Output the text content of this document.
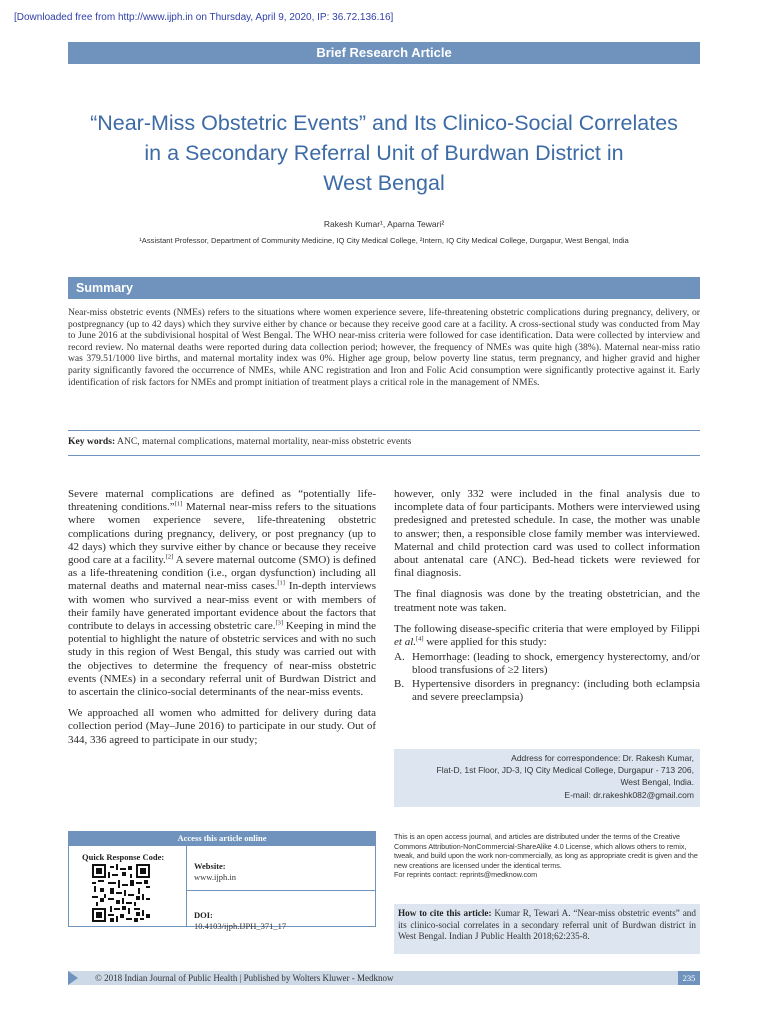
[Downloaded free from http://www.ijph.in on Thursday, April 9, 2020, IP: 36.72.136.16]
Brief Research Article
“Near-Miss Obstetric Events” and Its Clinico-Social Correlates
in a Secondary Referral Unit of Burdwan District in
West Bengal
Rakesh Kumar¹, Aparna Tewari²
¹Assistant Professor, Department of Community Medicine, IQ City Medical College, ²Intern, IQ City Medical College, Durgapur, West Bengal, India
Summary
Near-miss obstetric events (NMEs) refers to the situations where women experience severe, life-threatening obstetric complications during pregnancy, delivery, or postpregnancy (up to 42 days) which they survive either by chance or because they receive good care at a facility. A cross-sectional study was conducted from May to June 2016 at the subdivisional hospital of West Bengal. The WHO near-miss criteria were followed for case identification. Data were collected by interview and record review. No maternal deaths were reported during data collection period; however, the frequency of NMEs was quite high (38%). Maternal near-miss ratio was 379.51/1000 live births, and maternal mortality index was 0%. Higher age group, below poverty line status, term pregnancy, and higher gravid and higher parity significantly favored the occurrence of NMEs, while ANC registration and Iron and Folic Acid consumption were significantly protective against it. Early identification of risk factors for NMEs and prompt initiation of treatment plays a critical role in the management of NMEs.
Key words: ANC, maternal complications, maternal mortality, near-miss obstetric events

Severe maternal complications are defined as “potentially life-threatening conditions.”[1] Maternal near-miss refers to the situations where women experience severe, life-threatening obstetric complications during pregnancy, delivery, or post pregnancy (up to 42 days) which they survive either by chance or because they receive good care at a facility.[2] A severe maternal outcome (SMO) is defined as a life-threatening condition (i.e., organ dysfunction) including all maternal deaths and maternal near-miss cases.[1] In-depth interviews with women who survived a near-miss event or with members of their family have generated important evidence about the factors that contribute to delays in accessing obstetric care.[3] Keeping in mind the potential to highlight the nature of obstetric services and with no such study in this region of West Bengal, this study was carried out with the objectives to determine the frequency of near-miss obstetric events (NMEs) in a secondary referral unit of Burdwan District and to ascertain the clinico-social determinants of the near-miss events.

We approached all women who admitted for delivery during data collection period (May–June 2016) to participate in our study. Out of 344, 336 agreed to participate in our study;

however, only 332 were included in the final analysis due to incomplete data of four participants. Mothers were interviewed using predesigned and pretested schedule. In case, the mother was unable to answer; then, a responsible close family member was interviewed. Maternal and child protection card was used to collect information about antenatal care (ANC). Bed-head tickets were reviewed for final diagnosis.

The final diagnosis was done by the treating obstetrician, and the treatment note was taken.

The following disease-specific criteria that were employed by Filippi et al.[4] were applied for this study:

A. Hemorrhage: (leading to shock, emergency hysterectomy, and/or blood transfusions of ≥2 liters)
B. Hypertensive disorders in pregnancy: (including both eclampsia and severe preeclampsia)
Address for correspondence: Dr. Rakesh Kumar,
Flat-D, 1st Floor, JD-3, IQ City Medical College, Durgapur - 713 206,
West Bengal, India.
E-mail: dr.rakeshk082@gmail.com
Access this article online
Quick Response Code:
Website:
www.ijph.in
DOI:
10.4103/ijph.IJPH_371_17
This is an open access journal, and articles are distributed under the terms of the Creative Commons Attribution-NonCommercial-ShareAlike 4.0 License, which allows others to remix, tweak, and build upon the work non-commercially, as long as appropriate credit is given and the new creations are licensed under the identical terms.
For reprints contact: reprints@medknow.com
How to cite this article: Kumar R, Tewari A. “Near-miss obstetric events” and its clinico-social correlates in a secondary referral unit of Burdwan district in West Bengal. Indian J Public Health 2018;62:235-8.
© 2018 Indian Journal of Public Health | Published by Wolters Kluwer - Medknow	235
